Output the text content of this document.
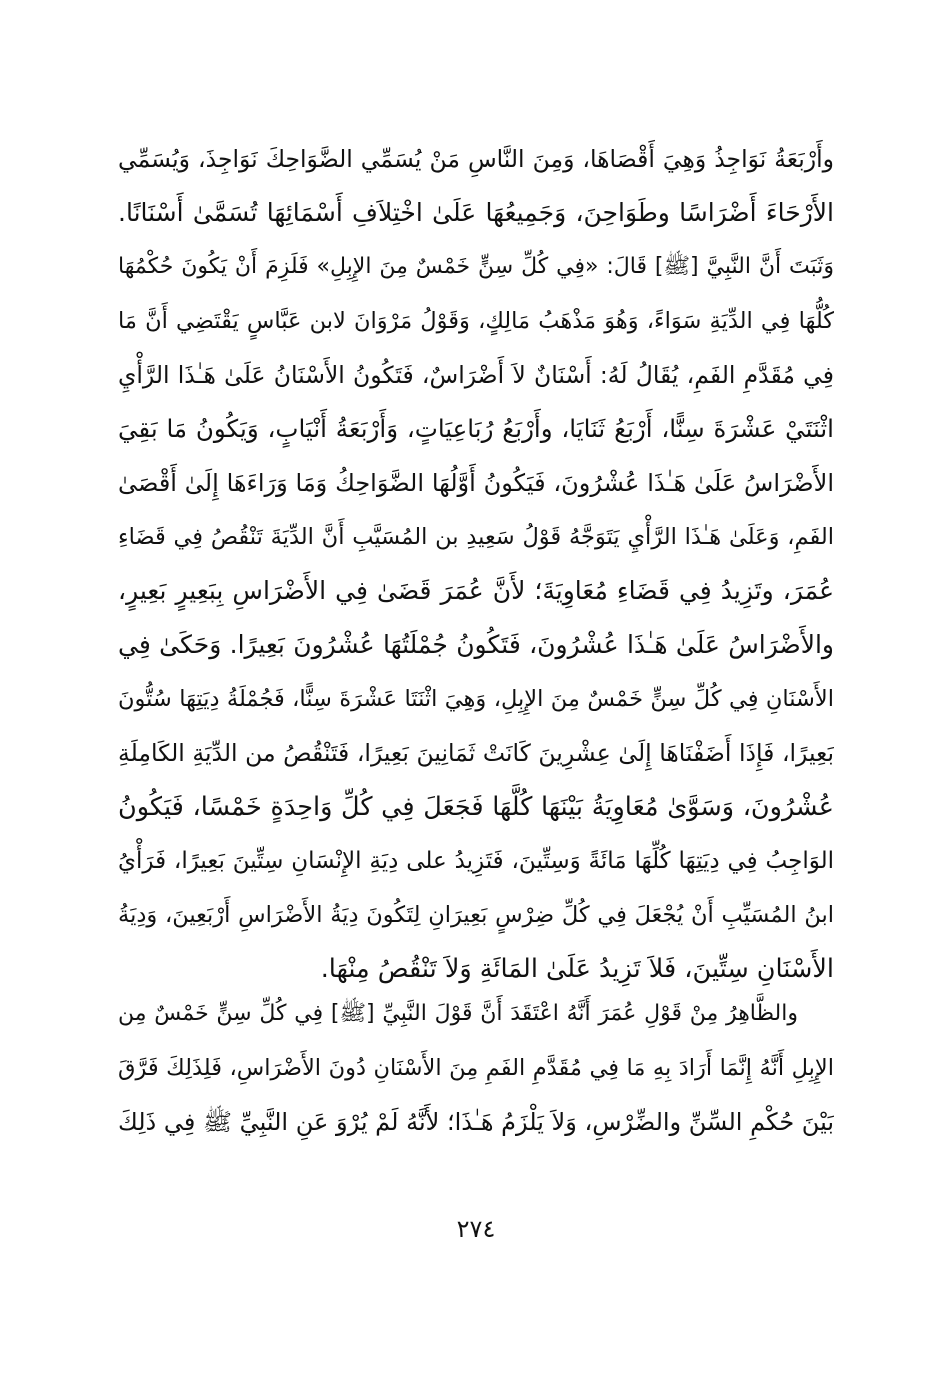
وأَرْبَعَةُ نَوَاجِذُ وَهِيَ أَقْصَاهَا، وَمِنَ النَّاسِ مَنْ يُسَمِّي الضَّوَاحِكَ نَوَاجِذَ، وَيُسَمِّي
الأَرْحَاءَ أَضْرَاسًا وطَوَاحِنَ، وَجَمِيعُهَا عَلَىٰ اخْتِلاَفِ أَسْمَائِهَا تُسَمَّىٰ أَسْنَانًا.
وَثَبَتَ أَنَّ النَّبِيَّ [ﷺ] قَالَ: «فِي كُلِّ سِنٍّ خَمْسٌ مِنَ الإِبِلِ» فَلَزِمَ أَنْ يَكُونَ حُكْمُهَا
كُلُّهَا فِي الدِّيَةِ سَوَاءً، وَهُوَ مَذْهَبُ مَالِكٍ، وَقَوْلُ مَرْوَانَ لابن عَبَّاسٍ يَقْتَضِي أَنَّ مَا
فِي مُقَدَّمِ الفَمِ، يُقَالُ لَهُ: أَسْنَانٌ لاَ أَضْرَاسٌ، فَتَكُونُ الأَسْنَانُ عَلَىٰ هَـٰذَا الرَّأْيِ
اثْنَتَيْ عَشْرَةَ سِنًّا، أَرْبَعُ ثَنَايَا، وأَرْبَعُ رُبَاعِيَاتٍ، وَأَرْبَعَةُ أَنْيَابٍ، وَيَكُونُ مَا بَقِيَ
الأَضْرَاسُ عَلَىٰ هَـٰذَا عُشْرُونَ، فَيَكُونُ أَوَّلُهَا الضَّوَاحِكُ وَمَا وَرَاءَهَا إِلَىٰ أَقْصَىٰ
الفَمِ، وَعَلَىٰ هَـٰذَا الرَّأْيِ يَتَوَجَّهُ قَوْلُ سَعِيدِ بن المُسَيَّبِ أَنَّ الدِّيَةَ تَنْقُصُ فِي قَضَاءِ
عُمَرَ، وتَزِيدُ فِي قَضَاءِ مُعَاوِيَةَ؛ لأَنَّ عُمَرَ قَضَىٰ فِي الأَضْرَاسِ بِبَعِيرٍ بَعِيرٍ،
والأَضْرَاسُ عَلَىٰ هَـٰذَا عُشْرُونَ، فَتَكُونُ جُمْلَتُهَا عُشْرُونَ بَعِيرًا. وَحَكَىٰ فِي
الأَسْنَانِ فِي كُلِّ سِنٍّ خَمْسٌ مِنَ الإِبِلِ، وَهِيَ اثْنَتَا عَشْرَةَ سِنًّا، فَجُمْلَةُ دِيَتِهَا سُتُّونَ
بَعِيرًا، فَإِذَا أَضَفْنَاهَا إِلَىٰ عِشْرِينَ كَانَتْ ثَمَانِينَ بَعِيرًا، فَتَنْقُصُ من الدِّيَةِ الكَامِلَةِ
عُشْرُونَ، وَسَوَّىٰ مُعَاوِيَةُ بَيْنَهَا كُلَّهَا فَجَعَلَ فِي كُلِّ وَاحِدَةٍ خَمْسًا، فَيَكُونُ
الوَاجِبُ فِي دِيَتِهَا كُلِّهَا مَائَةً وَسِتِّينَ، فَتَزِيدُ على دِيَةِ الإِنْسَانِ سِتِّينَ بَعِيرًا، فَرَأْيُ
ابنُ المُسَيِّبِ أَنْ يُجْعَلَ فِي كُلِّ ضِرْسٍ بَعِيرَانِ لِتَكُونَ دِيَةُ الأَضْرَاسِ أَرْبَعِينَ، وَدِيَةُ
الأَسْنَانِ سِتِّينَ، فَلاَ تَزِيدُ عَلَىٰ المَائَةِ وَلاَ تَنْقُصُ مِنْهَا.
والظَّاهِرُ مِنْ قَوْلِ عُمَرَ أَنَّهُ اعْتَقَدَ أَنَّ قَوْلَ النَّبِيِّ [ﷺ] فِي كُلِّ سِنٍّ خَمْسٌ مِن
الإِبِلِ أَنَّهُ إِنَّمَا أَرَادَ بِهِ مَا فِي مُقَدَّمِ الفَمِ مِنَ الأَسْنَانِ دُونَ الأَضْرَاسِ، فَلِذَلِكَ فَرَّقَ
بَيْنَ حُكْمِ السِّنِّ والضِّرْسِ، وَلاَ يَلْزَمُ هَـٰذَا؛ لأَنَّهُ لَمْ يُرْوَ عَنِ النَّبِيِّ ﷺ فِي ذَلِكَ
٢٧٤
